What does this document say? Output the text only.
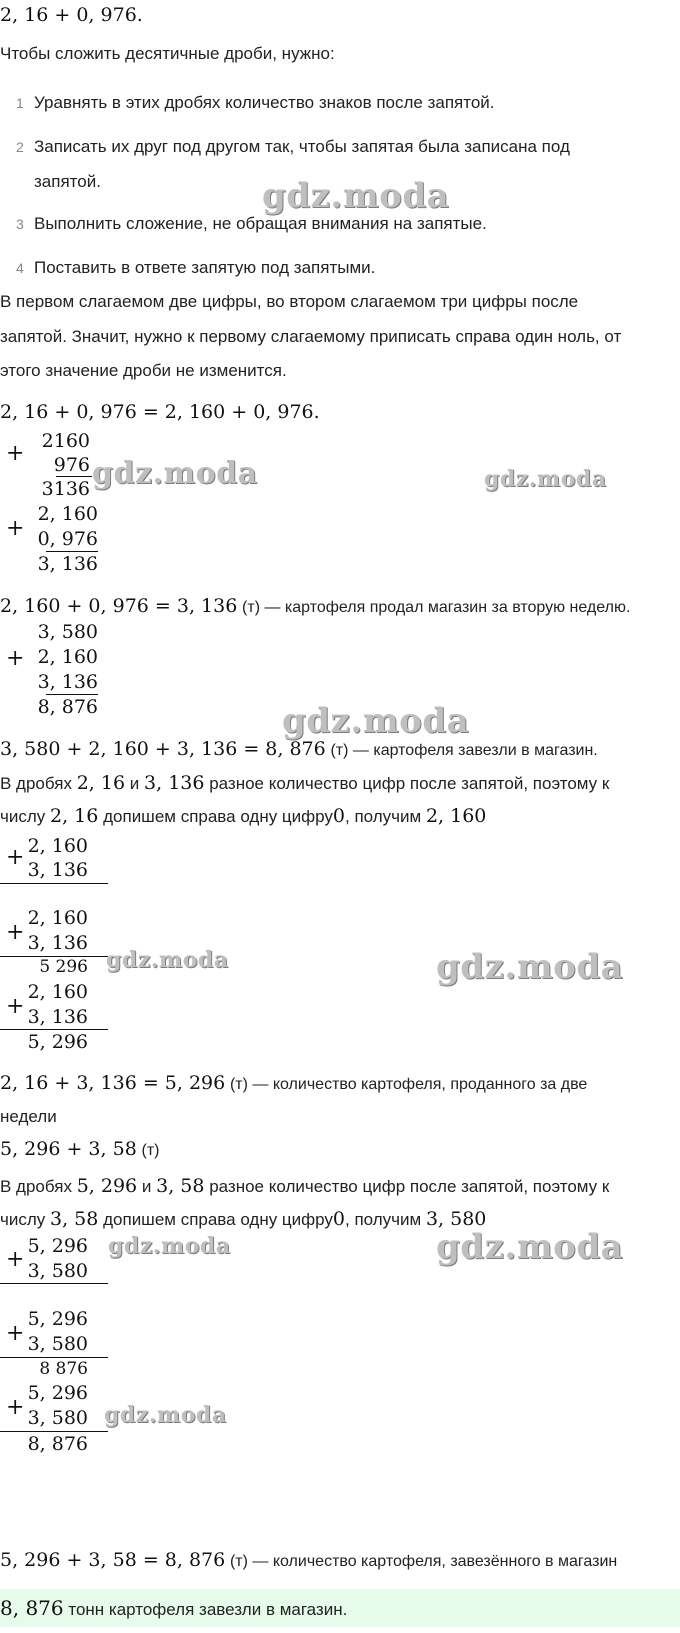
2, 16 + 0, 976.
Чтобы сложить десятичные дроби, нужно:
1 Уравнять в этих дробях количество знаков после запятой.
2 Записать их друг под другом так, чтобы запятая была записана под
запятой.
3 Выполнить сложение, не обращая внимания на запятые.
4 Поставить в ответе запятую под запятыми.
В первом слагаемом две цифры, во втором слагаемом три цифры после
запятой. Значит, нужно к первому слагаемому приписать справа один ноль, от
этого значение дроби не изменится.
2, 16 + 0, 976 = 2, 160 + 0, 976.
+ 2160
976
3136
+
2, 160
0, 976
3, 136
2, 160 + 0, 976 = 3, 136 (т) — картофеля продал магазин за вторую неделю.
+
3, 580
2, 160
3, 136
8, 876
3, 580 + 2, 160 + 3, 136 = 8, 876 (т) — картофеля завезли в магазин.
В дробях 2, 16 и 3, 136 разное количество цифр после запятой, поэтому к
числу 2, 16 допишем справа одну цифру0, получим 2, 160
+ 2, 160
3, 136
+
2, 160
3, 136
5 296
+
2, 160
3, 136
5, 296
2, 16 + 3, 136 = 5, 296 (т) — количество картофеля, проданного за две
недели
5, 296 + 3, 58 (т)
В дробях 5, 296 и 3, 58 разное количество цифр после запятой, поэтому к
числу 3, 58 допишем справа одну цифру0, получим 3, 580
+
5, 296
3, 580
+
5, 296
3, 580
8 876
+
5, 296
3, 580
8, 876
5, 296 + 3, 58 = 8, 876 (т) — количество картофеля, завезённого в магазин
8, 876 тонн картофеля завезли в магазин.
gdz.moda
gdz.moda	gdz.moda
gdz.moda
gdz.moda	gdz.moda
gdz.moda	gdz.moda
gdz.moda
